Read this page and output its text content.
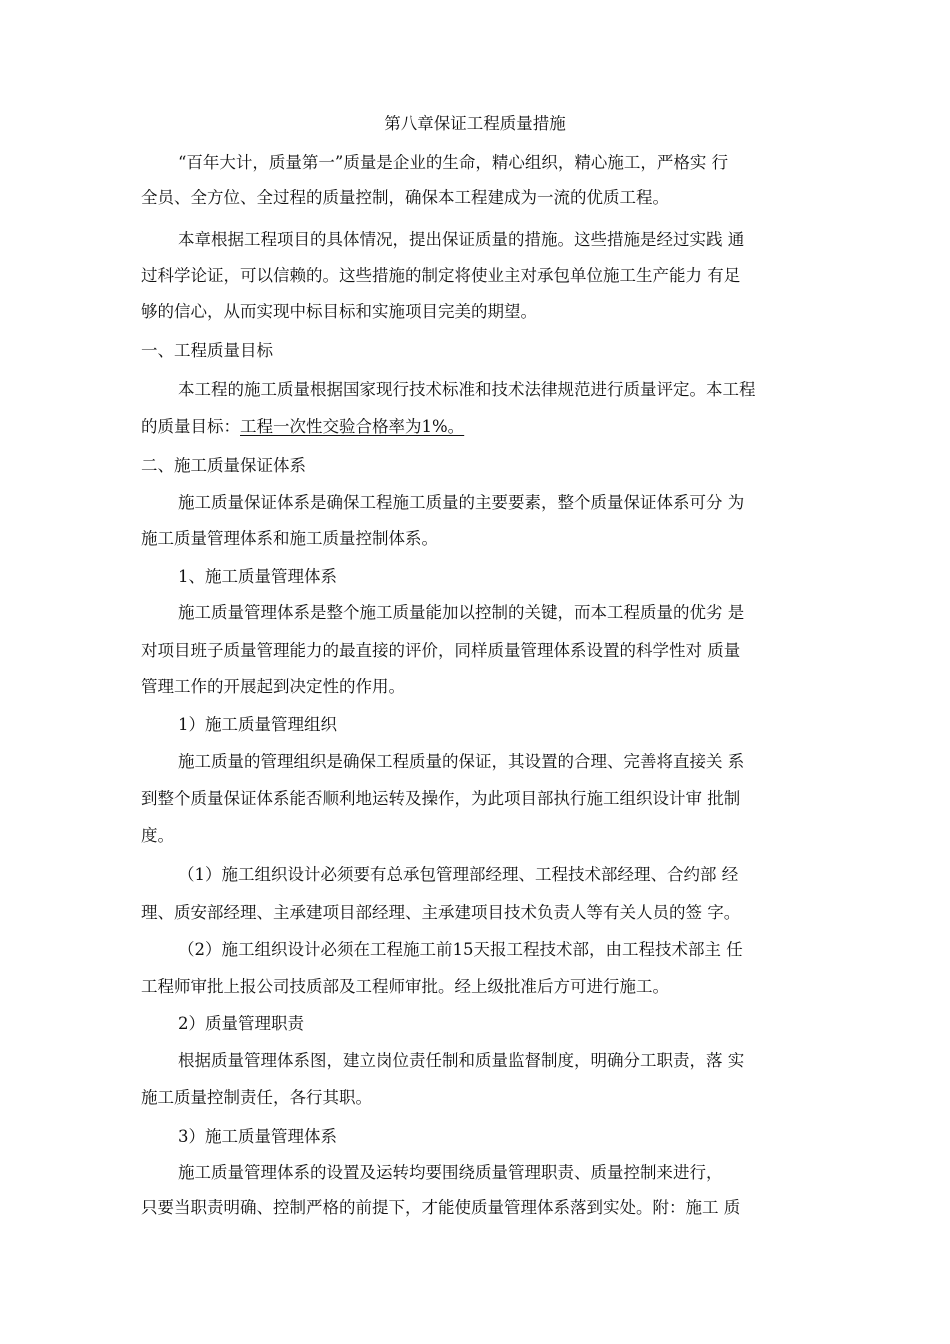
第八章保证工程质量措施
“百年大计，质量第一”质量是企业的生命，精心组织，精心施工，严格实 行
全员、全方位、全过程的质量控制，确保本工程建成为一流的优质工程。
本章根据工程项目的具体情况，提出保证质量的措施。这些措施是经过实践 通
过科学论证，可以信赖的。这些措施的制定将使业主对承包单位施工生产能力 有足
够的信心，从而实现中标目标和实施项目完美的期望。
一、工程质量目标
本工程的施工质量根据国家现行技术标准和技术法律规范进行质量评定。本工程
的质量目标：工程一次性交验合格率为1%。
二、施工质量保证体系
施工质量保证体系是确保工程施工质量的主要要素，整个质量保证体系可分 为
施工质量管理体系和施工质量控制体系。
1、施工质量管理体系
施工质量管理体系是整个施工质量能加以控制的关键，而本工程质量的优劣 是
对项目班子质量管理能力的最直接的评价，同样质量管理体系设置的科学性对 质量
管理工作的开展起到决定性的作用。
1）施工质量管理组织
施工质量的管理组织是确保工程质量的保证，其设置的合理、完善将直接关 系
到整个质量保证体系能否顺利地运转及操作，为此项目部执行施工组织设计审 批制
度。
（1）施工组织设计必须要有总承包管理部经理、工程技术部经理、合约部 经
理、质安部经理、主承建项目部经理、主承建项目技术负责人等有关人员的签 字。
（2）施工组织设计必须在工程施工前15天报工程技术部，由工程技术部主 任
工程师审批上报公司技质部及工程师审批。经上级批准后方可进行施工。
2）质量管理职责
根据质量管理体系图，建立岗位责任制和质量监督制度，明确分工职责，落 实
施工质量控制责任，各行其职。
3）施工质量管理体系
施工质量管理体系的设置及运转均要围绕质量管理职责、质量控制来进行，
只要当职责明确、控制严格的前提下，才能使质量管理体系落到实处。附：施工 质
